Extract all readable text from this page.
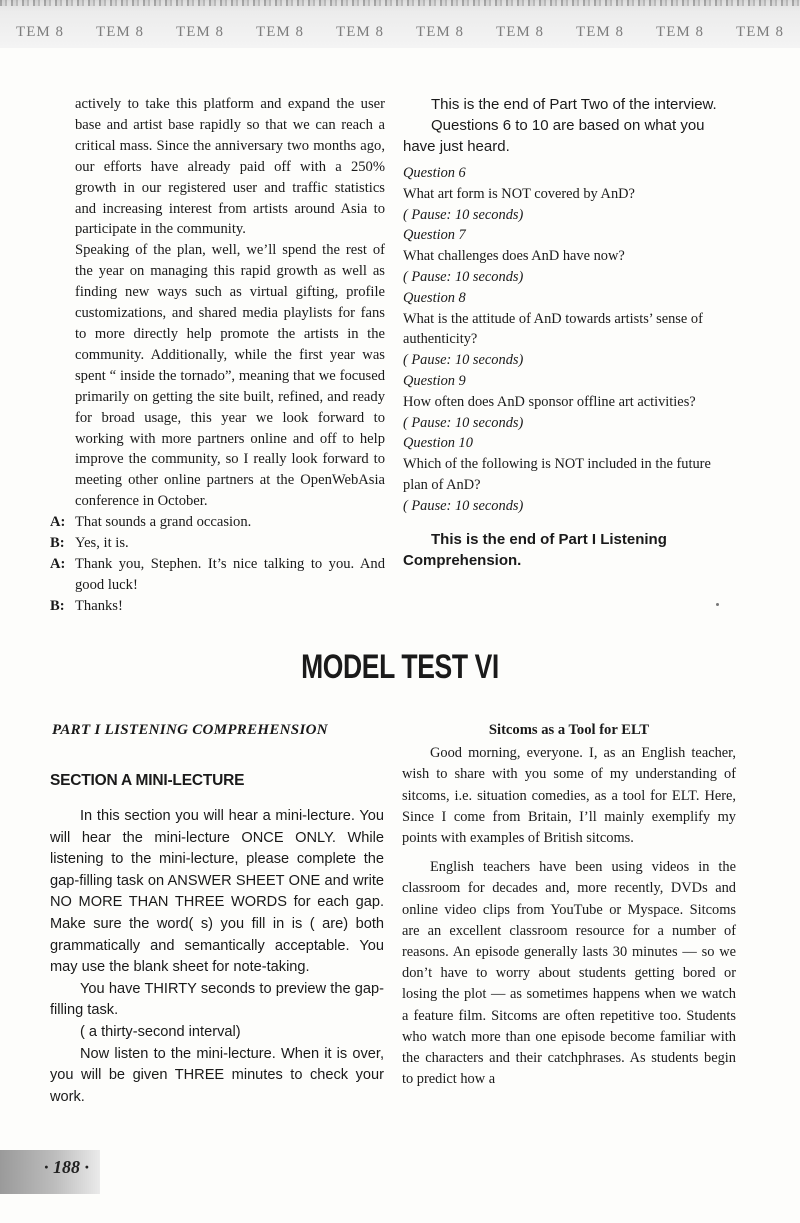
TEM 8 TEM 8 TEM 8 TEM 8 TEM 8 TEM 8 TEM 8 TEM 8 TEM 8 TEM 8

actively to take this platform and expand the user base and artist base rapidly so that we can reach a critical mass. Since the anniversary two months ago, our efforts have already paid off with a 250% growth in our registered user and traffic statistics and increasing interest from artists around Asia to participate in the community.

Speaking of the plan, well, we’ll spend the rest of the year on managing this rapid growth as well as finding new ways such as virtual gifting, profile customizations, and shared media playlists for fans to more directly help promote the artists in the community. Additionally, while the first year was spent “ inside the tornado”, meaning that we focused primarily on getting the site built, refined, and ready for broad usage, this year we look forward to working with more partners online and off to help improve the community, so I really look forward to meeting other online partners at the OpenWebAsia conference in October.

A: That sounds a grand occasion.

B: Yes, it is.

A: Thank you, Stephen. It’s nice talking to you. And good luck!

B: Thanks!

This is the end of Part Two of the interview.

Questions 6 to 10 are based on what you have just heard.

Question 6
What art form is NOT covered by AnD?
( Pause: 10 seconds)
Question 7
What challenges does AnD have now?
( Pause: 10 seconds)
Question 8
What is the attitude of AnD towards artists’ sense of authenticity?
( Pause: 10 seconds)
Question 9
How often does AnD sponsor offline art activities?
( Pause: 10 seconds)
Question 10
Which of the following is NOT included in the future plan of AnD?
( Pause: 10 seconds)

This is the end of Part I Listening Comprehension.

MODEL TEST VI
PART I LISTENING COMPREHENSION
SECTION A MINI-LECTURE

In this section you will hear a mini-lecture. You will hear the mini-lecture ONCE ONLY. While listening to the mini-lecture, please complete the gap-filling task on ANSWER SHEET ONE and write NO MORE THAN THREE WORDS for each gap. Make sure the word( s) you fill in is ( are) both grammatically and semantically acceptable. You may use the blank sheet for note-taking.

You have THIRTY seconds to preview the gap-filling task.

( a thirty-second interval)

Now listen to the mini-lecture. When it is over, you will be given THREE minutes to check your work.

Sitcoms as a Tool for ELT

Good morning, everyone. I, as an English teacher, wish to share with you some of my understanding of sitcoms, i.e. situation comedies, as a tool for ELT. Here, Since I come from Britain, I’ll mainly exemplify my points with examples of British sitcoms.

English teachers have been using videos in the classroom for decades and, more recently, DVDs and online video clips from YouTube or Myspace. Sitcoms are an excellent classroom resource for a number of reasons. An episode generally lasts 30 minutes — so we don’t have to worry about students getting bored or losing the plot — as sometimes happens when we watch a feature film. Sitcoms are often repetitive too. Students who watch more than one episode become familiar with the characters and their catchphrases. As students begin to predict how a

· 188 ·
